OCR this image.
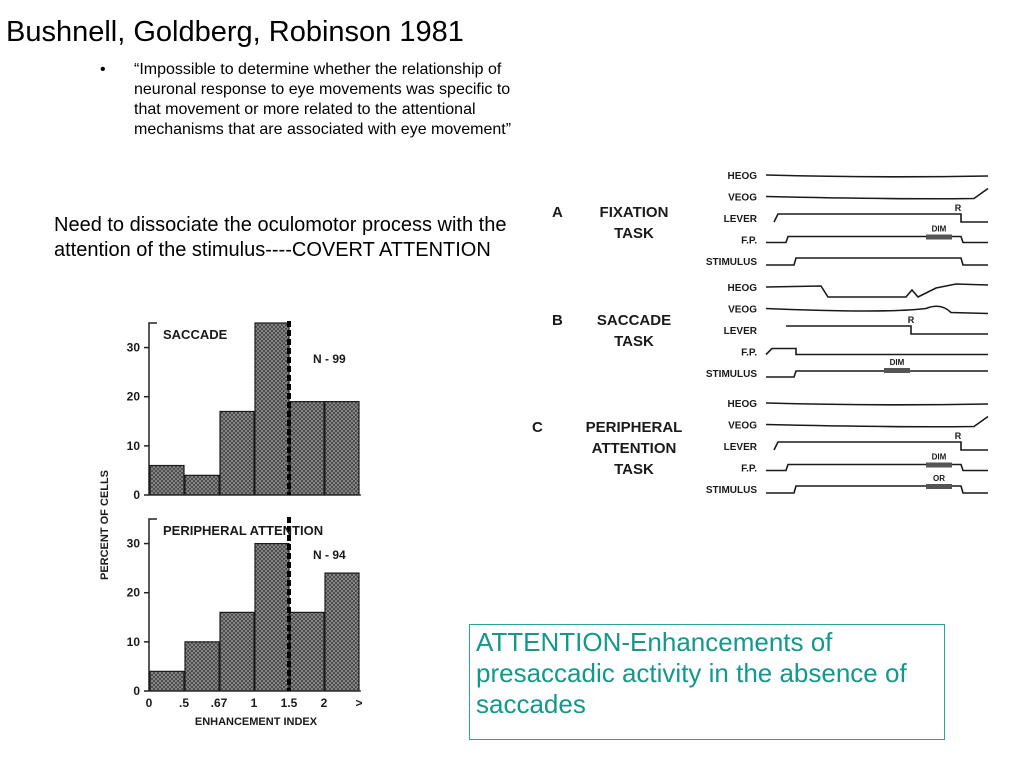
Bushnell, Goldberg, Robinson 1981
• “Impossible to determine whether the relationship of neuronal response to eye movements was specific to that movement or more related to the attentional mechanisms that are associated with eye movement”
Need to dissociate the oculomotor process with the attention of the stimulus----COVERT ATTENTION
PERCENT OF CELLS 0
10
20
30
SACCADE
N - 99
0
10
20
30
PERIPHERAL ATTENTION
N - 94
0 .5 .67 1 1.5 2 >
ENHANCEMENT INDEX
A FIXATION
TASK
HEOG
VEOG
LEVER
F.P.
STIMULUS
R
DIM
B SACCADE
TASK
HEOG
VEOG
LEVER
F.P.
STIMULUS
R
DIM
C	PERIPHERAL
ATTENTION
TASK
HEOG
VEOG
LEVER
F.P.
STIMULUS
R
DIM
OR
ATTENTION-Enhancements of presaccadic activity in the absence of saccades
